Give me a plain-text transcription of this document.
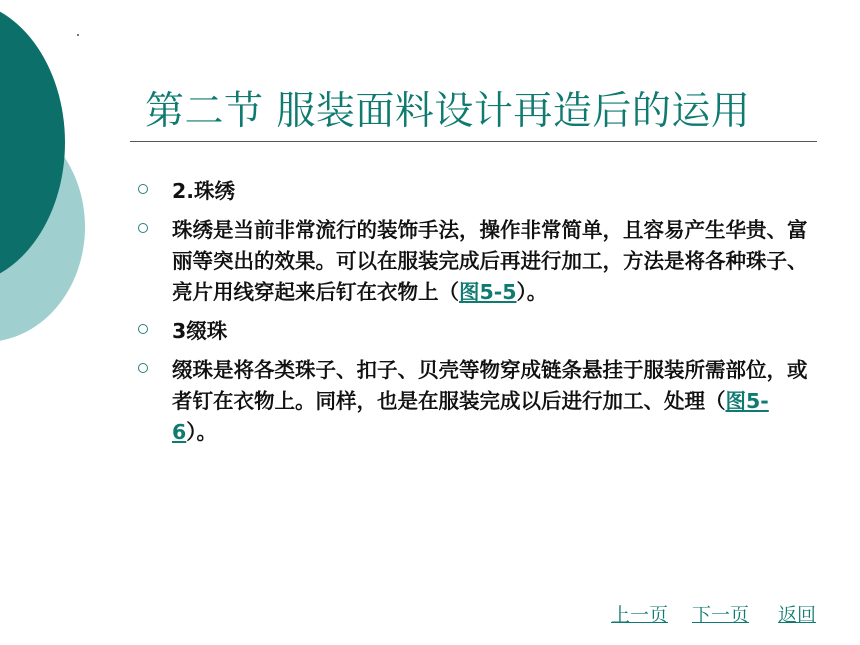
第二节 服装面料设计再造后的运用
2.珠绣
珠绣是当前非常流行的装饰手法，操作非常简单，且容易产生华贵、富丽等突出的效果。可以在服装完成后再进行加工，方法是将各种珠子、亮片用线穿起来后钉在衣物上（图5-5）。
3缀珠
缀珠是将各类珠子、扣子、贝壳等物穿成链条悬挂于服装所需部位，或者钉在衣物上。同样，也是在服装完成以后进行加工、处理（图5-6）。
上一页 下一页 返回
